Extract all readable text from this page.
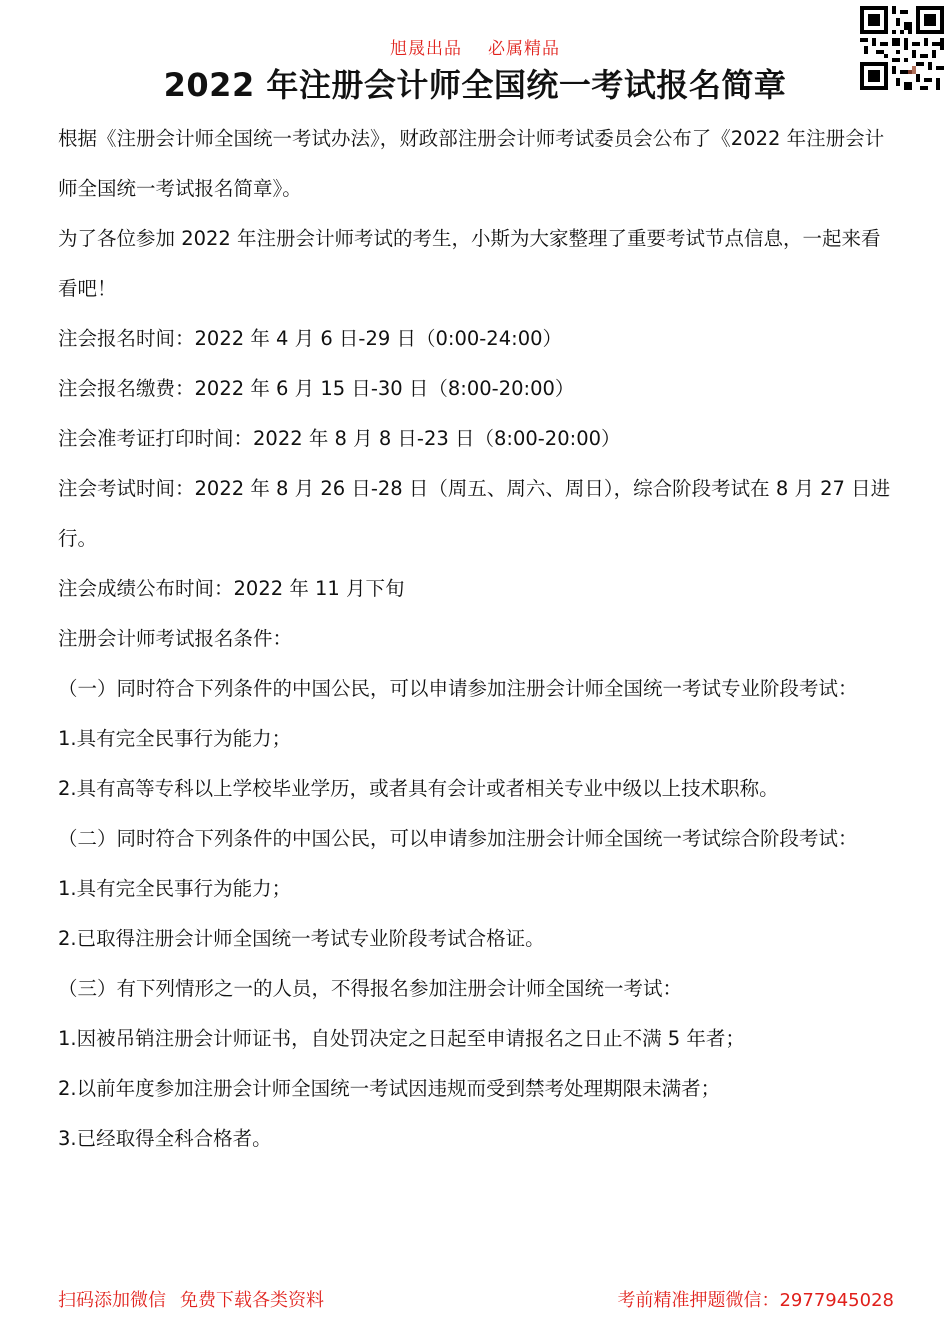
旭晟出品 必属精品
2022 年注册会计师全国统一考试报名简章

根据《注册会计师全国统一考试办法》，财政部注册会计师考试委员会公布了《2022 年注册会计师全国统一考试报名简章》。

为了各位参加 2022 年注册会计师考试的考生，小斯为大家整理了重要考试节点信息，一起来看看吧！

注会报名时间：2022 年 4 月 6 日-29 日（0:00-24:00）

注会报名缴费：2022 年 6 月 15 日-30 日（8:00-20:00）

注会准考证打印时间：2022 年 8 月 8 日-23 日（8:00-20:00）

注会考试时间：2022 年 8 月 26 日-28 日（周五、周六、周日），综合阶段考试在 8 月 27 日进行。

注会成绩公布时间：2022 年 11 月下旬

注册会计师考试报名条件：

（一）同时符合下列条件的中国公民，可以申请参加注册会计师全国统一考试专业阶段考试：

1.具有完全民事行为能力；

2.具有高等专科以上学校毕业学历，或者具有会计或者相关专业中级以上技术职称。

（二）同时符合下列条件的中国公民，可以申请参加注册会计师全国统一考试综合阶段考试：

1.具有完全民事行为能力；

2.已取得注册会计师全国统一考试专业阶段考试合格证。

（三）有下列情形之一的人员，不得报名参加注册会计师全国统一考试：

1.因被吊销注册会计师证书，自处罚决定之日起至申请报名之日止不满 5 年者；

2.以前年度参加注册会计师全国统一考试因违规而受到禁考处理期限未满者；

3.已经取得全科合格者。

扫码添加微信 免费下载各类资料	考前精准押题微信：2977945028
